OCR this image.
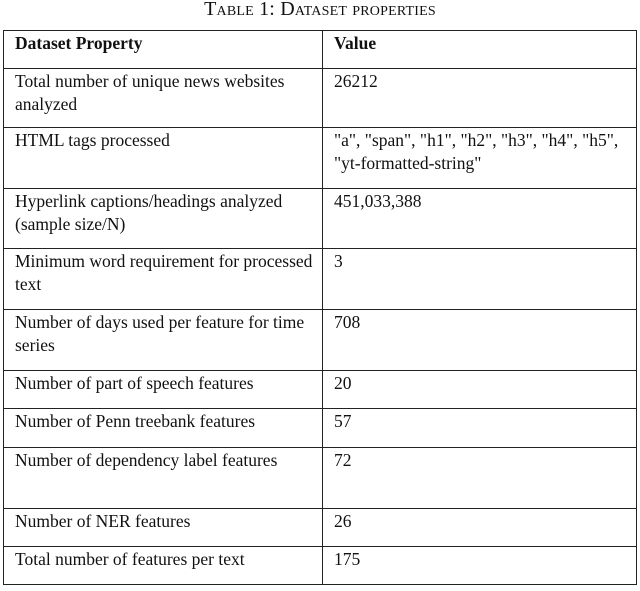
Table 1: Dataset properties
Dataset Property	Value
Total number of unique news websites analyzed	26212
HTML tags processed	"a", "span", "h1", "h2", "h3", "h4", "h5", "yt-formatted-string"
Hyperlink captions/headings analyzed (sample size/N)	451,033,388
Minimum word requirement for processed text	3
Number of days used per feature for time series	708
Number of part of speech features	20
Number of Penn treebank features	57
Number of dependency label features	72
Number of NER features	26
Total number of features per text	175
